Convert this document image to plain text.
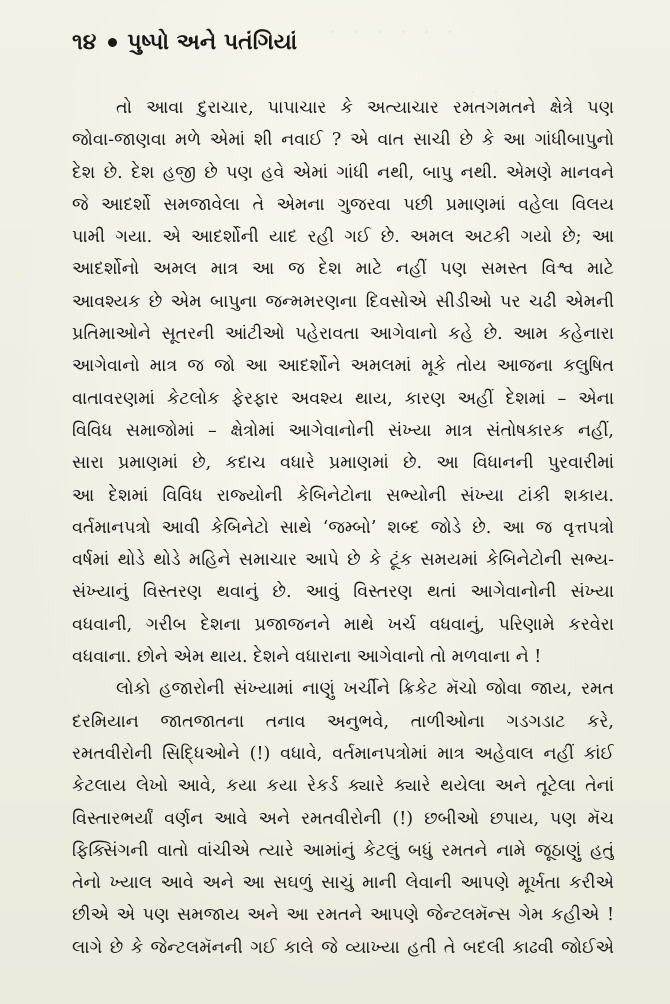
· · · · · ·
· ·
૧૪ પુષ્પો અને પતંગિયાં
તો આવા દુરાચાર, પાપાચાર કે અત્યાચાર રમતગમતને ક્ષેત્રે પણ
જોવા-જાણવા મળે એમાં શી નવાઈ ? એ વાત સાચી છે કે આ ગાંધીબાપુનો
દેશ છે. દેશ હજી છે પણ હવે એમાં ગાંધી નથી, બાપુ નથી. એમણે માનવને
જે આદર્શો સમજાવેલા તે એમના ગુજરવા પછી પ્રમાણમાં વહેલા વિલય
પામી ગયા. એ આદર્શોની યાદ રહી ગઈ છે. અમલ અટકી ગયો છે; આ
આદર્શોનો અમલ માત્ર આ જ દેશ માટે નહીં પણ સમસ્ત વિશ્વ માટે
આવશ્યક છે એમ બાપુના જન્મમરણના દિવસોએ સીડીઓ પર ચઢી એમની
પ્રતિમાઓને સૂતરની આંટીઓ પહેરાવતા આગેવાનો કહે છે. આમ કહેનારા
આગેવાનો માત્ર જ જો આ આદર્શોને અમલમાં મૂકે તોય આજના કલુષિત
વાતાવરણમાં કેટલોક ફેરફાર અવશ્ય થાય, કારણ અહીં દેશમાં – એના
વિવિધ સમાજોમાં – ક્ષેત્રોમાં આગેવાનોની સંખ્યા માત્ર સંતોષકારક નહીં,
સારા પ્રમાણમાં છે, કદાચ વધારે પ્રમાણમાં છે. આ વિધાનની પુરવારીમાં
આ દેશમાં વિવિધ રાજ્યોની કેબિનેટોના સભ્યોની સંખ્યા ટાંકી શકાય.
વર્તમાનપત્રો આવી કેબિનેટો સાથે ‘જમ્બો’ શબ્દ જોડે છે. આ જ વૃત્તપત્રો
વર્ષમાં થોડે થોડે મહિને સમાચાર આપે છે કે ટૂંક સમયમાં કેબિનેટોની સભ્ય-
સંખ્યાનું વિસ્તરણ થવાનું છે. આવું વિસ્તરણ થતાં આગેવાનોની સંખ્યા
વધવાની, ગરીબ દેશના પ્રજાજનને માથે ખર્ચ વધવાનું, પરિણામે કરવેરા
વધવાના. છોને એમ થાય. દેશને વધારાના આગેવાનો તો મળવાના ને !
લોકો હજારોની સંખ્યામાં નાણું ખર્ચીને ક્રિકેટ મૅચો જોવા જાય, રમત
દરમિયાન જાતજાતના તનાવ અનુભવે, તાળીઓના ગડગડાટ કરે,
રમતવીરોની સિદ્ધિઓને (!) વધાવે, વર્તમાનપત્રોમાં માત્ર અહેવાલ નહીં કાંઈ
કેટલાય લેખો આવે, કયા કયા રેકર્ડ ક્યારે ક્યારે થયેલા અને તૂટેલા તેનાં
વિસ્તારભર્યાં વર્ણન આવે અને રમતવીરોની (!) છબીઓ છપાય, પણ મૅચ
ફિક્સિંગની વાતો વાંચીએ ત્યારે આમાંનું કેટલું બધું રમતને નામે જૂઠાણું હતું
તેનો ખ્યાલ આવે અને આ સઘળું સાચું માની લેવાની આપણે મૂર્ખતા કરીએ
છીએ એ પણ સમજાય અને આ રમતને આપણે જેન્ટલમૅન્સ ગેમ કહીએ !
લાગે છે કે જેન્ટલમૅનની ગઈ કાલે જે વ્યાખ્યા હતી તે બદલી કાઢવી જોઈએ
